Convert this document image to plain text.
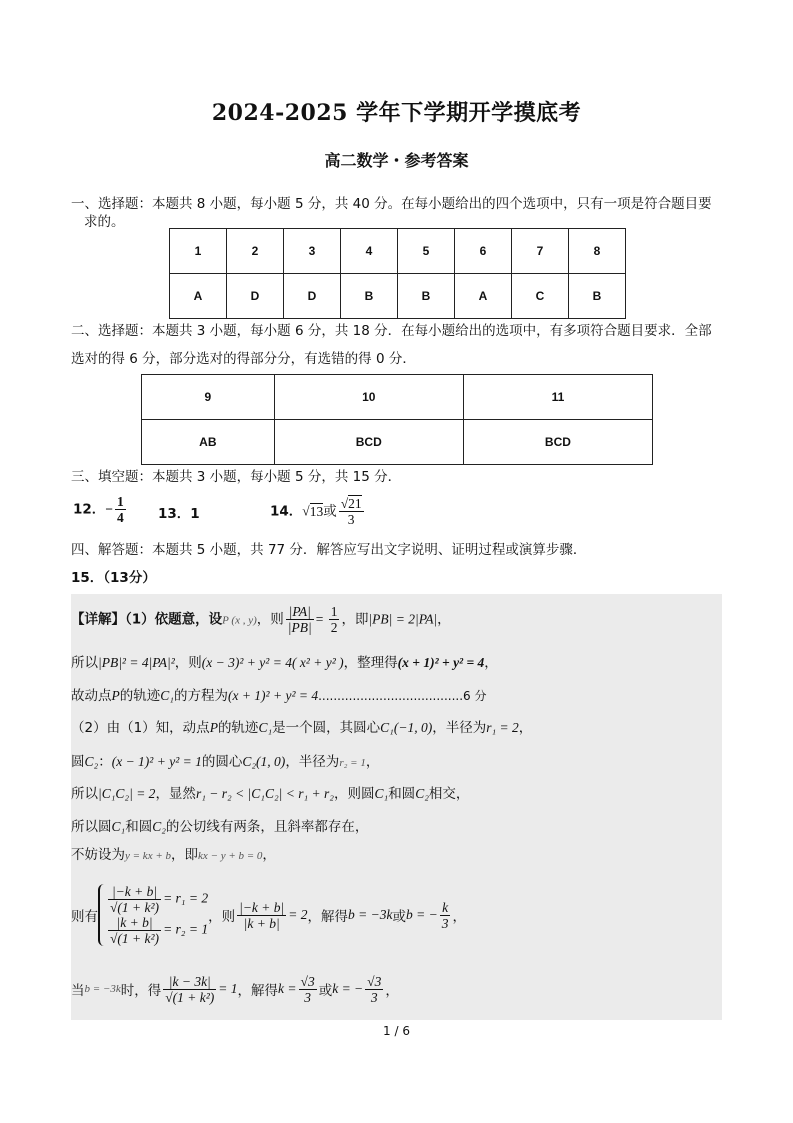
2024-2025 学年下学期开学摸底考
高二数学・参考答案
一、选择题：本题共 8 小题，每小题 5 分，共 40 分。在每小题给出的四个选项中，只有一项是符合题目要
求的。
1	2	3	4	5	6	7	8
A	D	D	B	B	A	C	B
二、选择题：本题共 3 小题，每小题 6 分，共 18 分．在每小题给出的选项中，有多项符合题目要求．全部
选对的得 6 分，部分选对的得部分分，有选错的得 0 分．
9	10	11
AB	BCD	BCD
三、填空题：本题共 3 小题，每小题 5 分，共 15 分．
12．− $\frac{1}{4} 13$．1	14．√13或 $\frac{√21}{3}$
四、解答题：本题共 5 小题，共 77 分．解答应写出文字说明、证明过程或演算步骤．
15．（13分）
【详解】（1）依题意，设P (x , y)，则 $\frac{|PA|}{|PB|} = \frac{1}{2}$ ，即|PB| = 2|PA|，
所以|PB|² = 4|PA|²，则(x − 3)² + y² = 4( x² + y² )，整理得(x + 1)² + y² = 4，
故动点P的轨迹C₁的方程为(x + 1)² + y² = 4......................................6 分
（2）由（1）知，动点P的轨迹C₁是一个圆，其圆心C₁(−1, 0)，半径为r₁ = 2，
圆C₂：(x − 1)² + y² = 1的圆心C₂(1, 0)，半径为r₂ = 1，
所以|C₁C₂| = 2，显然r₁ − r₂ < |C₁C₂| < r₁ + r₂，则圆C₁和圆C₂相交，
所以圆C₁和圆C₂的公切线有两条，且斜率都存在，
不妨设为y = kx + b，即kx − y + b = 0，
则有
$\frac{|-k + b|}{\text{√(1 + k²)}} = r_1 = 2$
$\frac{|k + b|}{\text{√(1 + k²)}} = r_2 = 1$
，则 $\frac{|-k + b|}{|k + b|} = 2$ ，解得 b = −3k 或 b = − $\frac{k}{3}$ ，
当 b = −3k 时，得 $\frac{|k - 3k|}{\text{√(1 + k²)}} = 1$ ，解得 $k = \frac{√3}{3}$ 或 k = − $\frac{√3}{3}$ ，
1 / 6
